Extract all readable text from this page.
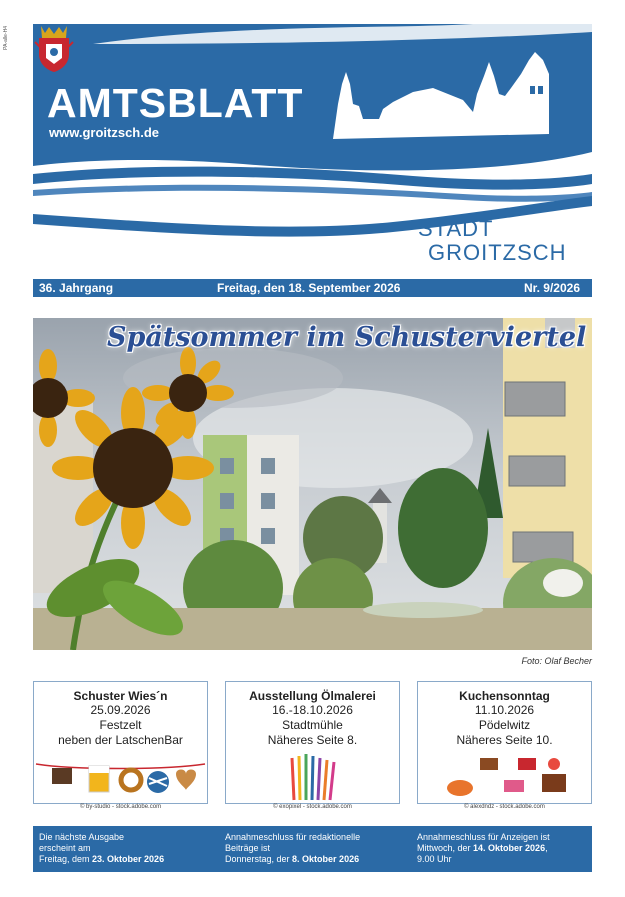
PA-alle-H4
AMTSBLATT
www.groitzsch.de
STADT
GROITZSCH
36. Jahrgang	Freitag, den 18. September 2026	Nr. 9/2026
Spätsommer im Schusterviertel
Foto: Olaf Becher
Schuster Wies´n
25.09.2026
Festzelt
neben der LatschenBar
© by-studio - stock.adobe.com
Ausstellung Ölmalerei
16.-18.10.2026
Stadtmühle
Näheres Seite 8.
© exopixel - stock.adobe.com
Kuchensonntag
11.10.2026
Pödelwitz
Näheres Seite 10.
© alexdndz - stock.adobe.com
Die nächste Ausgabe
erscheint am
Freitag, dem 23. Oktober 2026
Annahmeschluss für redaktionelle
Beiträge ist
Donnerstag, der 8. Oktober 2026
Annahmeschluss für Anzeigen ist
Mittwoch, der 14. Oktober 2026,
9.00 Uhr
